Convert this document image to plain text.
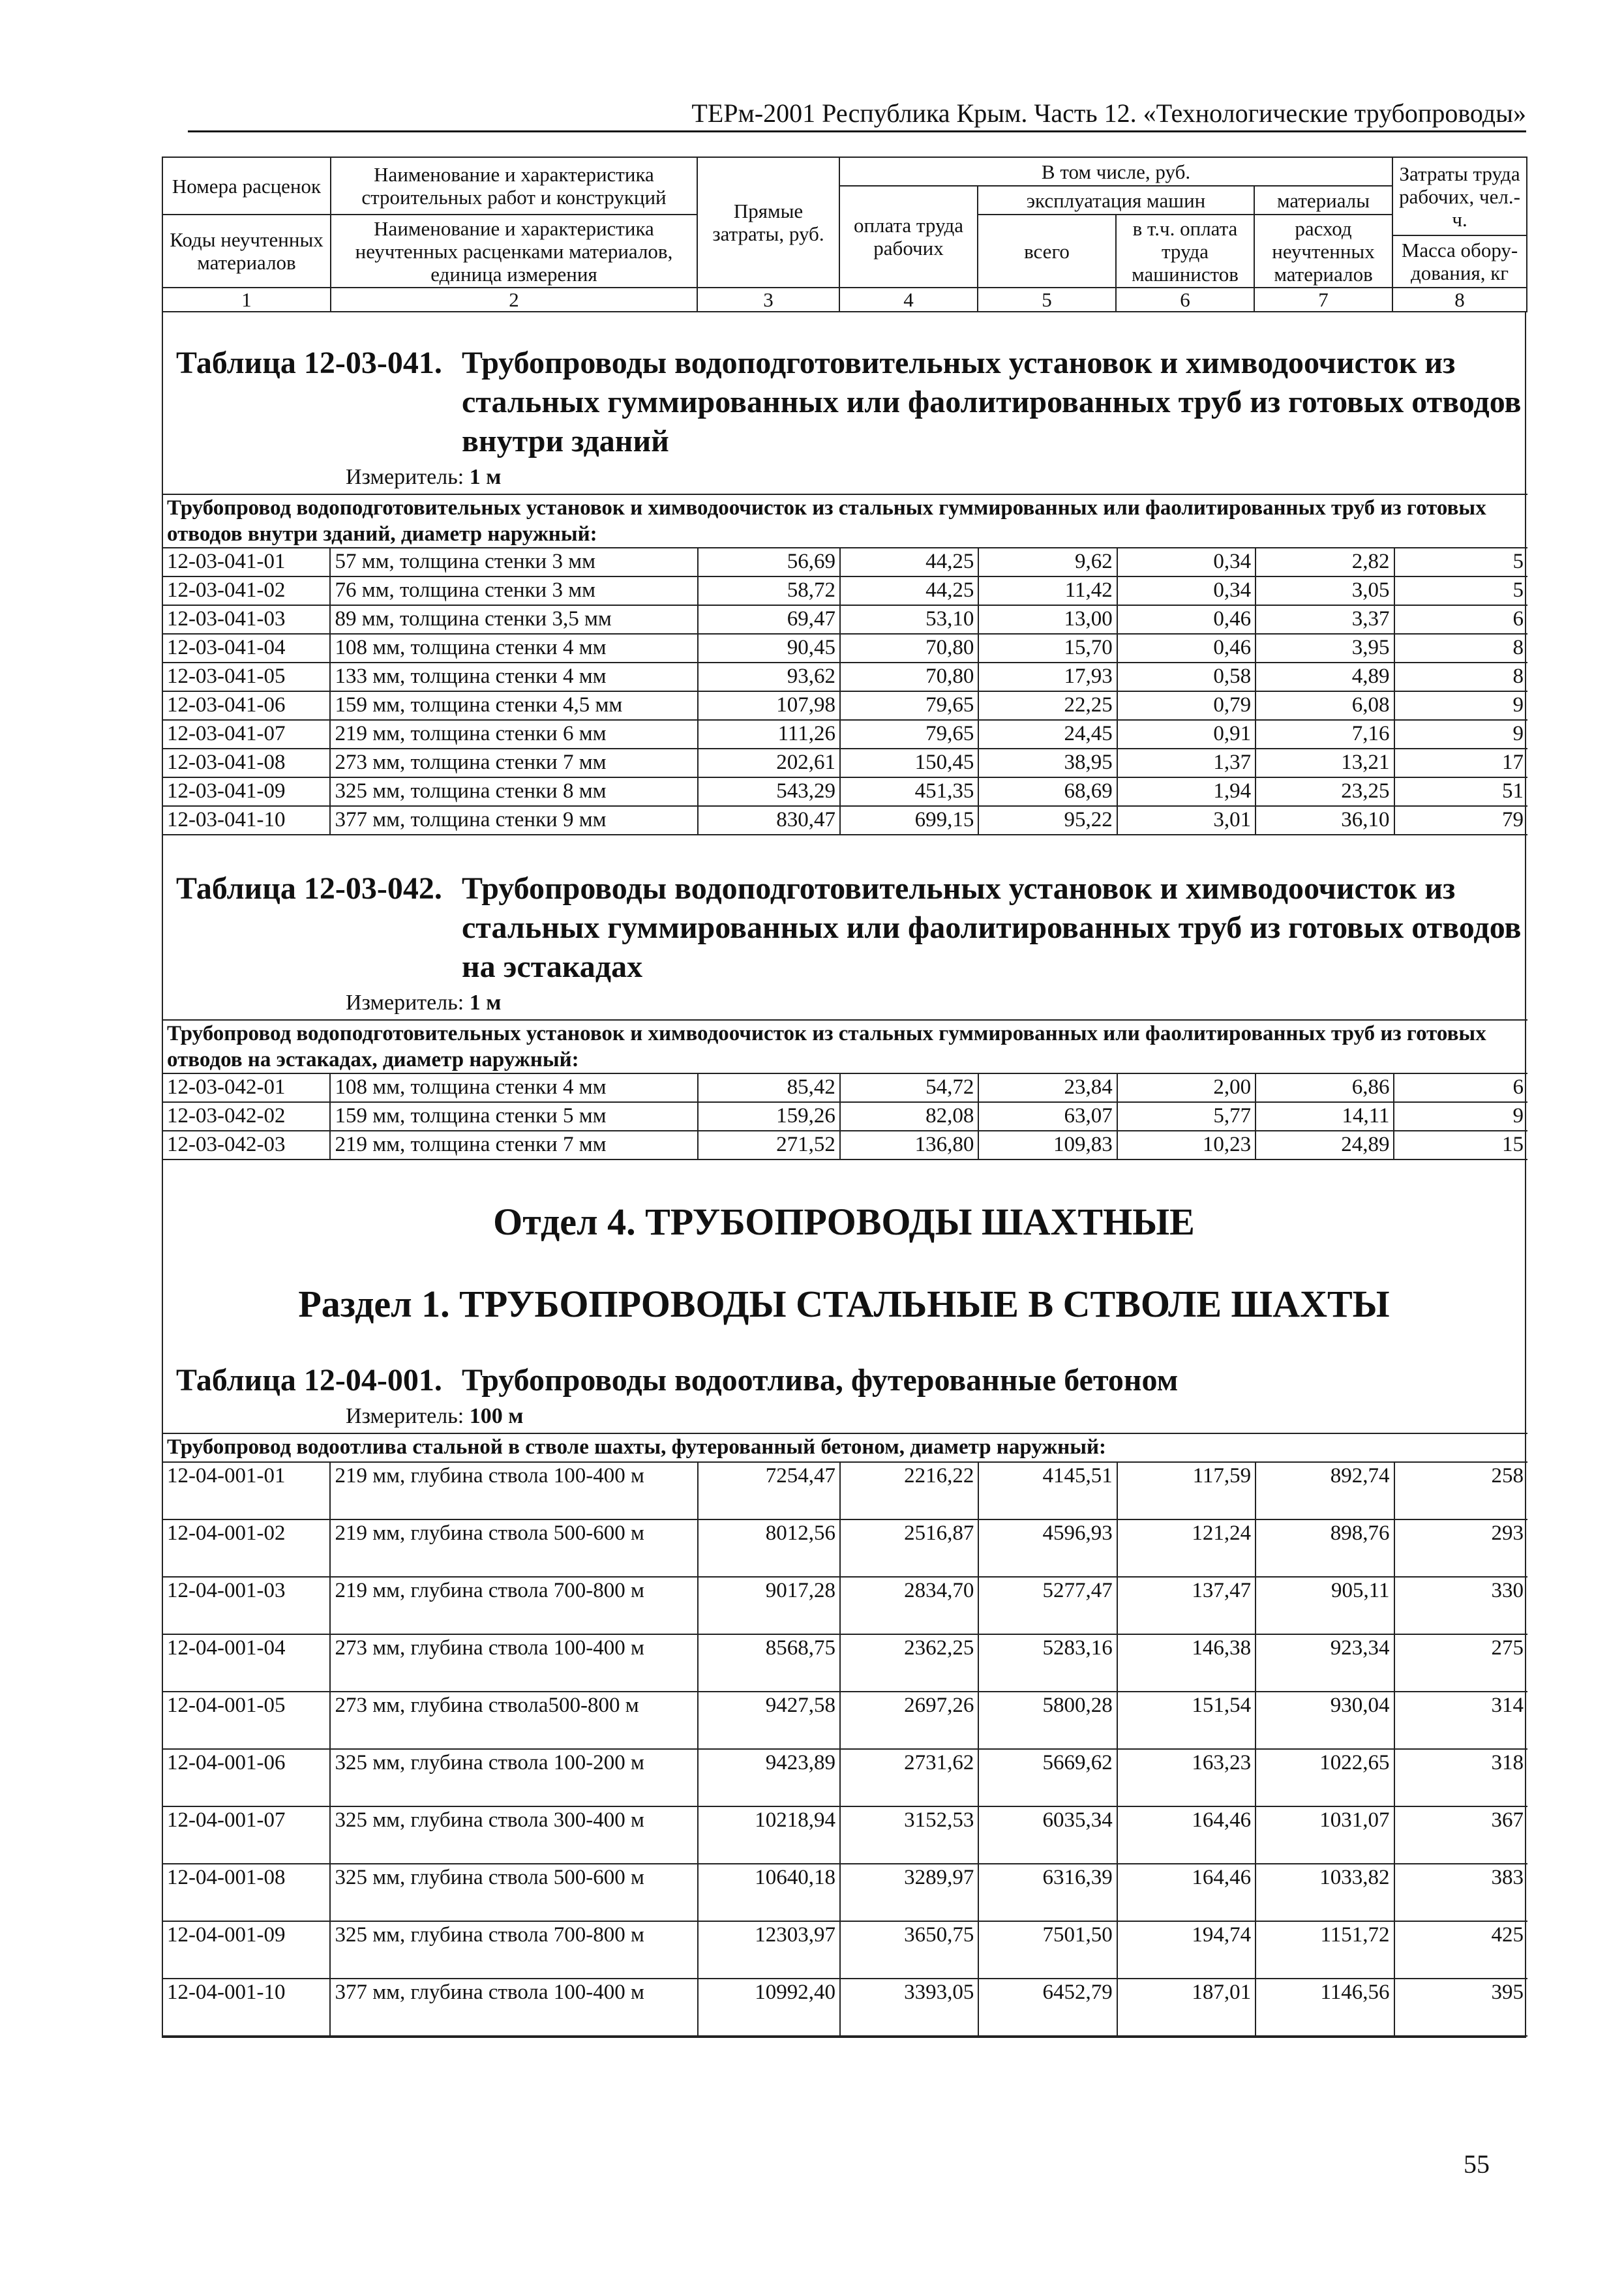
ТЕРм-2001 Республика Крым. Часть 12. «Технологические трубопроводы»
Номера расценок	Наименование и характеристика строительных работ и конструкций	Прямые затраты, руб.	В том числе, руб.				Затраты труда рабочих, чел.-ч.
			оплата труда рабочих	эксплуатация машин		материалы	
Коды неучтенных материалов	Наименование и характеристика неучтенных расценками материалов, единица измерения			всего	в т.ч. оплата труда машинистов	расход неучтенных материалов	
							Масса обору-дования, кг
1	2	3	4	5	6	7	8
Таблица 12-03-041. Трубопроводы водоподготовительных установок и химводоочисток из стальных гуммированных или фаолитированных труб из готовых отводов внутри зданий
Измеритель: 1 м
Трубопровод водоподготовительных установок и химводоочисток из стальных гуммированных или фаолитированных труб из готовых отводов внутри зданий, диаметр наружный:							
12-03-041-01	57 мм, толщина стенки 3 мм	56,69	44,25	9,62	0,34	2,82	5
12-03-041-02	76 мм, толщина стенки 3 мм	58,72	44,25	11,42	0,34	3,05	5
12-03-041-03	89 мм, толщина стенки 3,5 мм	69,47	53,10	13,00	0,46	3,37	6
12-03-041-04	108 мм, толщина стенки 4 мм	90,45	70,80	15,70	0,46	3,95	8
12-03-041-05	133 мм, толщина стенки 4 мм	93,62	70,80	17,93	0,58	4,89	8
12-03-041-06	159 мм, толщина стенки 4,5 мм	107,98	79,65	22,25	0,79	6,08	9
12-03-041-07	219 мм, толщина стенки 6 мм	111,26	79,65	24,45	0,91	7,16	9
12-03-041-08	273 мм, толщина стенки 7 мм	202,61	150,45	38,95	1,37	13,21	17
12-03-041-09	325 мм, толщина стенки 8 мм	543,29	451,35	68,69	1,94	23,25	51
12-03-041-10	377 мм, толщина стенки 9 мм	830,47	699,15	95,22	3,01	36,10	79
Таблица 12-03-042. Трубопроводы водоподготовительных установок и химводоочисток из стальных гуммированных или фаолитированных труб из готовых отводов на эстакадах
Измеритель: 1 м
Трубопровод водоподготовительных установок и химводоочисток из стальных гуммированных или фаолитированных труб из готовых отводов на эстакадах, диаметр наружный:							
12-03-042-01	108 мм, толщина стенки 4 мм	85,42	54,72	23,84	2,00	6,86	6
12-03-042-02	159 мм, толщина стенки 5 мм	159,26	82,08	63,07	5,77	14,11	9
12-03-042-03	219 мм, толщина стенки 7 мм	271,52	136,80	109,83	10,23	24,89	15
Отдел 4. ТРУБОПРОВОДЫ ШАХТНЫЕ
Раздел 1. ТРУБОПРОВОДЫ СТАЛЬНЫЕ В СТВОЛЕ ШАХТЫ
Таблица 12-04-001. Трубопроводы водоотлива, футерованные бетоном
Измеритель: 100 м
Трубопровод водоотлива стальной в стволе шахты, футерованный бетоном, диаметр наружный:							
12-04-001-01	219 мм, глубина ствола 100-400 м	7254,47	2216,22	4145,51	117,59	892,74	258
12-04-001-02	219 мм, глубина ствола 500-600 м	8012,56	2516,87	4596,93	121,24	898,76	293
12-04-001-03	219 мм, глубина ствола 700-800 м	9017,28	2834,70	5277,47	137,47	905,11	330
12-04-001-04	273 мм, глубина ствола 100-400 м	8568,75	2362,25	5283,16	146,38	923,34	275
12-04-001-05	273 мм, глубина ствола500-800 м	9427,58	2697,26	5800,28	151,54	930,04	314
12-04-001-06	325 мм, глубина ствола 100-200 м	9423,89	2731,62	5669,62	163,23	1022,65	318
12-04-001-07	325 мм, глубина ствола 300-400 м	10218,94	3152,53	6035,34	164,46	1031,07	367
12-04-001-08	325 мм, глубина ствола 500-600 м	10640,18	3289,97	6316,39	164,46	1033,82	383
12-04-001-09	325 мм, глубина ствола 700-800 м	12303,97	3650,75	7501,50	194,74	1151,72	425
12-04-001-10	377 мм, глубина ствола 100-400 м	10992,40	3393,05	6452,79	187,01	1146,56	395
55
